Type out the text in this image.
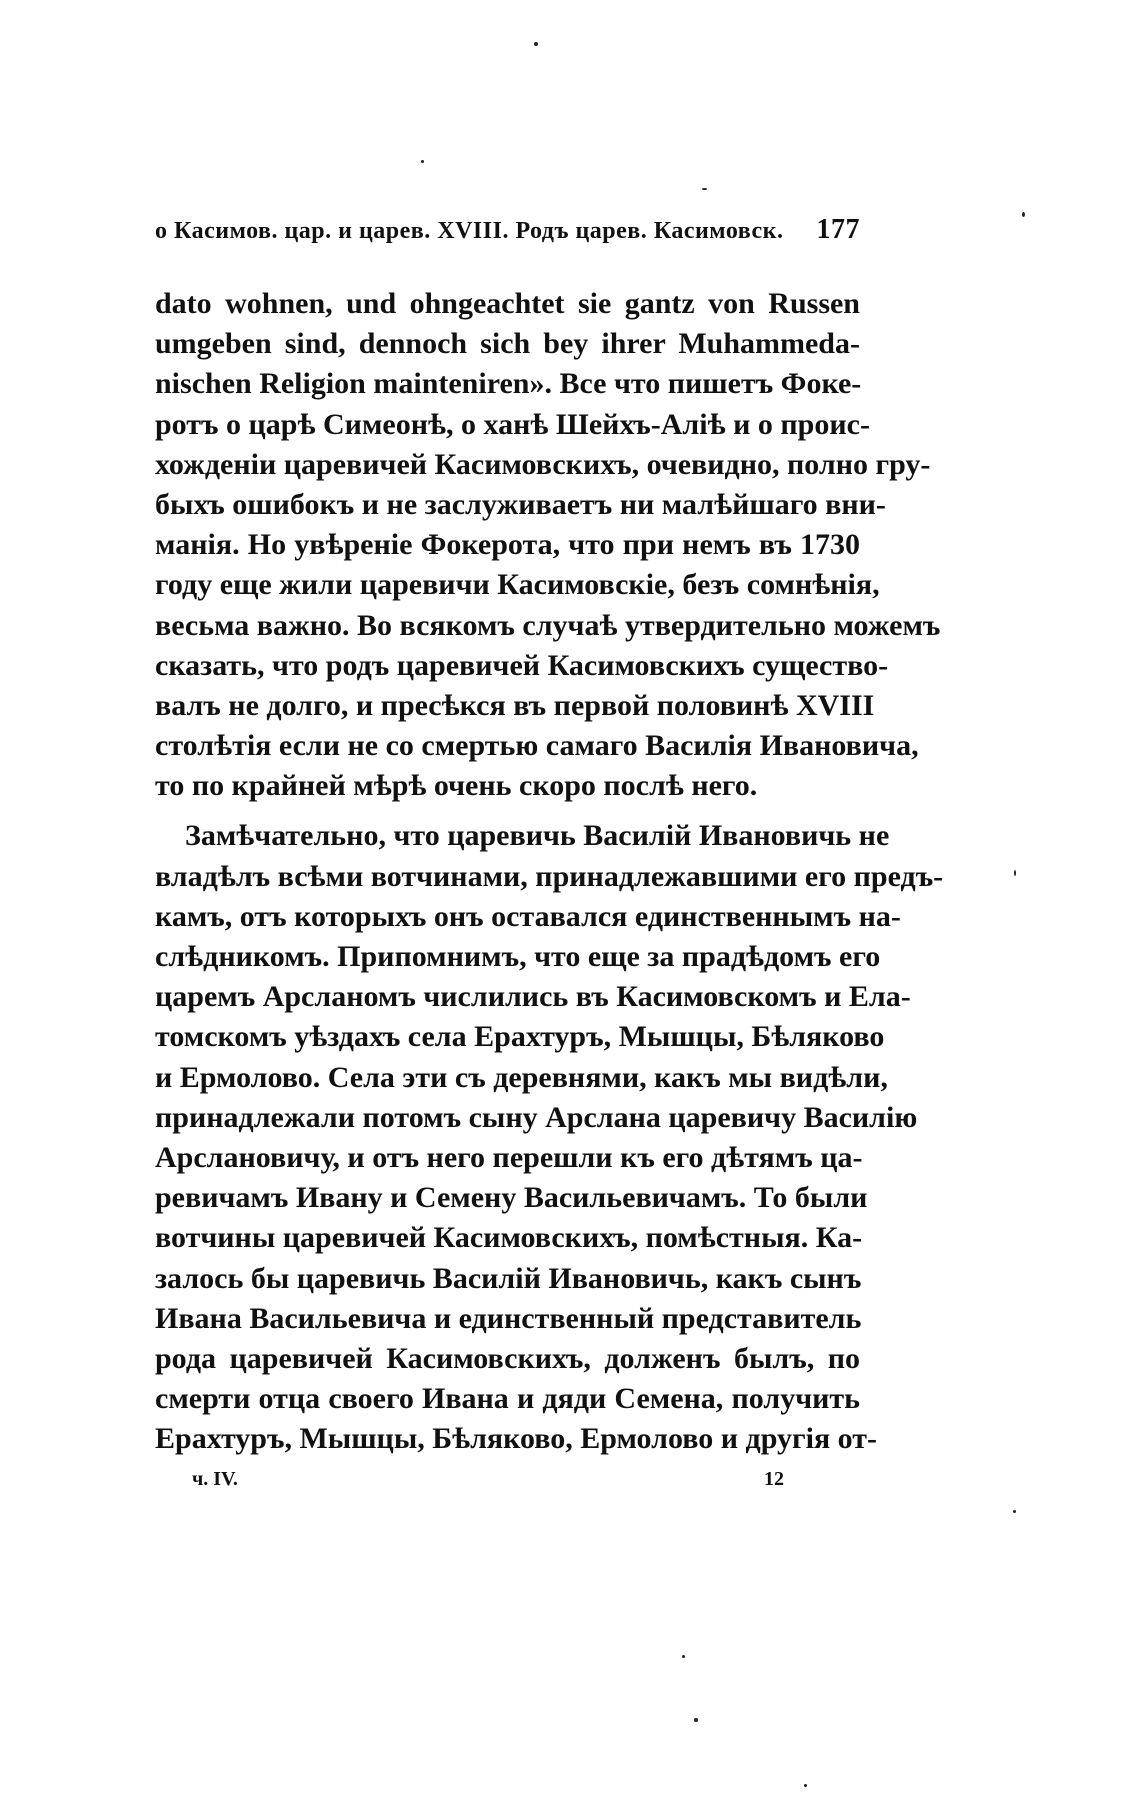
о Касимов. цар. и царев. XVIII. Родъ царев. Касимовск. 177
dato wohnen, und ohngeachtet sie gantz von Russen
umgeben sind, dennoch sich bey ihrer Muhammeda-
nischen Religion mainteniren». Все что пишетъ Фоке-
ротъ о царѣ Симеонѣ, о ханѣ Шейхъ-Алiѣ и о проис-
хожденiи царевичей Касимовскихъ, очевидно, полно гру-
быхъ ошибокъ и не заслуживаетъ ни малѣйшаго вни-
манiя. Но увѣренiе Фокерота, что при немъ въ 1730
году еще жили царевичи Касимовскiе, безъ сомнѣнiя,
весьма важно. Во всякомъ случаѣ утвердительно можемъ
сказать, что родъ царевичей Касимовскихъ существо-
валъ не долго, и пресѣкся въ первой половинѣ XVIII
столѣтiя если не со смертью самаго Василiя Ивановича,
то по крайней мѣрѣ очень скоро послѣ него.
Замѣчательно, что царевичь Василiй Ивановичь не
владѣлъ всѣми вотчинами, принадлежавшими его предъ-
камъ, отъ которыхъ онъ оставался единственнымъ на-
слѣдникомъ. Припомнимъ, что еще за прадѣдомъ его
царемъ Арсланомъ числились въ Касимовскомъ и Ела-
томскомъ уѣздахъ села Ерахтуръ, Мышцы, Бѣляково
и Ермолово. Села эти съ деревнями, какъ мы видѣли,
принадлежали потомъ сыну Арслана царевичу Василiю
Арслановичу, и отъ него перешли къ его дѣтямъ ца-
ревичамъ Ивану и Семену Васильевичамъ. То были
вотчины царевичей Касимовскихъ, помѣстныя. Ка-
залось бы царевичь Василiй Ивановичь, какъ сынъ
Ивана Васильевича и единственный представитель
рода царевичей Касимовскихъ, долженъ былъ, по
смерти отца своего Ивана и дяди Семена, получить
Ерахтуръ, Мышцы, Бѣляково, Ермолово и другiя от-
ч. IV.	12
